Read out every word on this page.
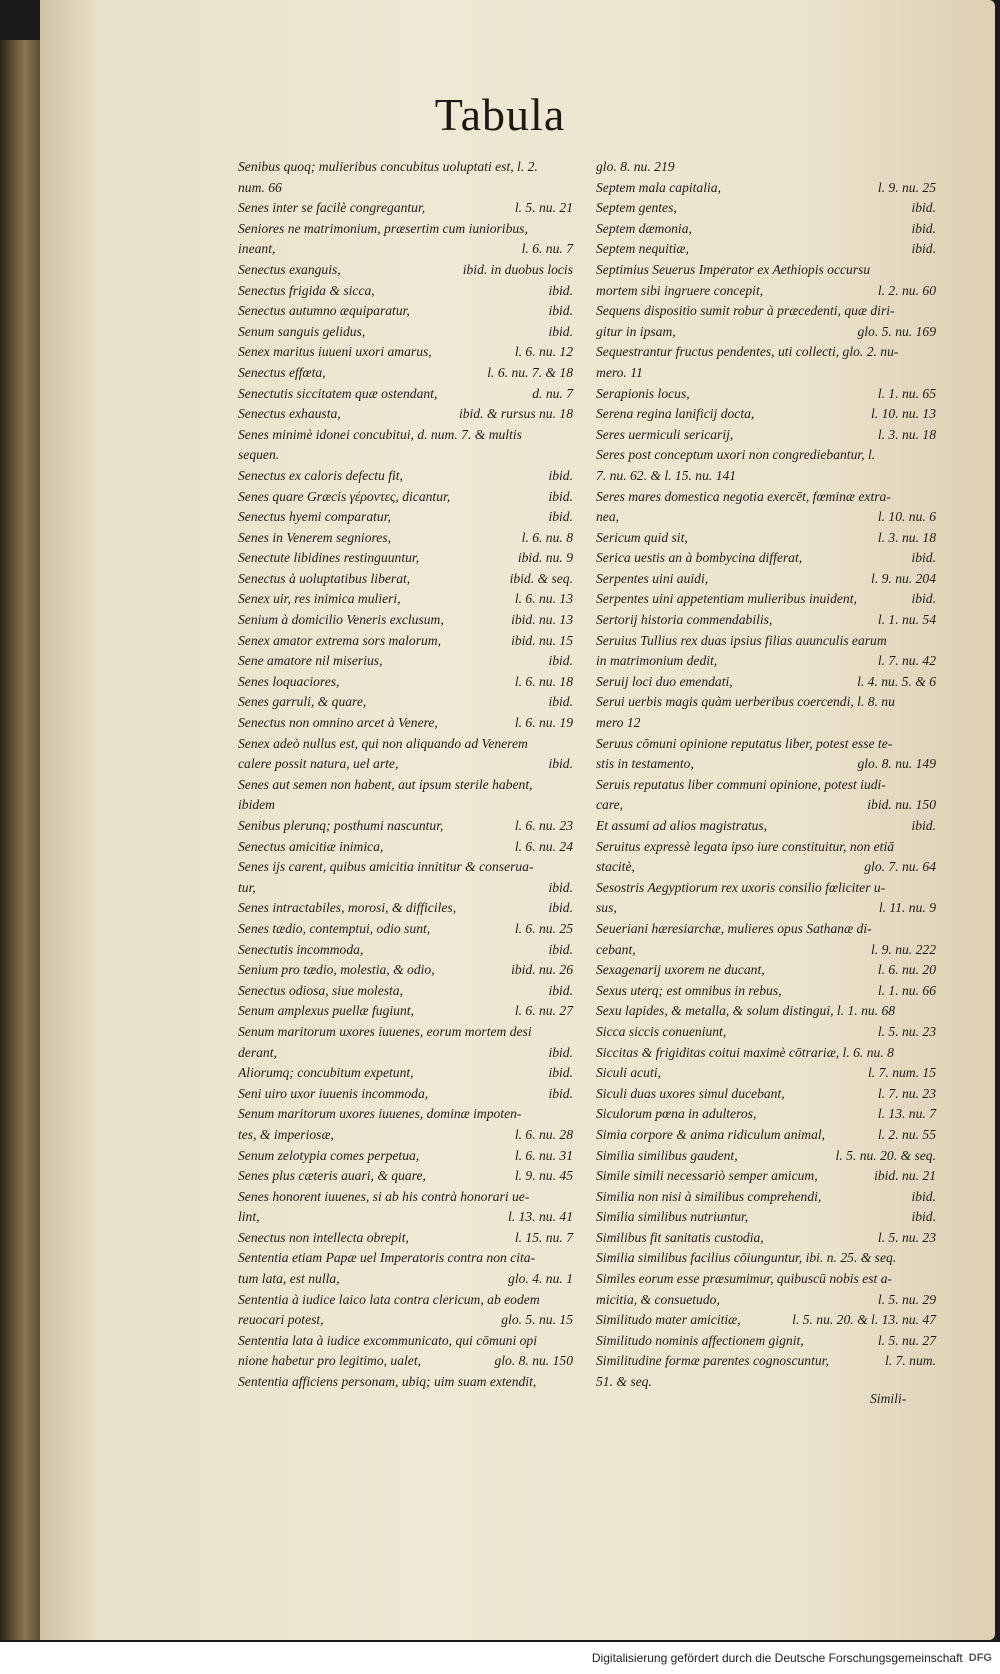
Tabula
Senibus quoq; mulieribus concubitus uoluptati est, l. 2.
num. 66
Senes inter se facilè congregantur,	l. 5. nu. 21
Seniores ne matrimonium, præsertim cum iunioribus,
ineant,	l. 6. nu. 7
Senectus exanguis,	ibid. in duobus locis
Senectus frigida & sicca,	ibid.
Senectus autumno æquiparatur,	ibid.
Senum sanguis gelidus,	ibid.
Senex maritus iuueni uxori amarus,	l. 6. nu. 12
Senectus effœta,	l. 6. nu. 7. & 18
Senectutis siccitatem quæ ostendant,	d. nu. 7
Senectus exhausta,	ibid. & rursus nu. 18
Senes minimè idonei concubitui, d. num. 7. & multis
sequen.
Senectus ex caloris defectu fit,	ibid.
Senes quare Græcis γέροντες, dicantur,	ibid.
Senectus hyemi comparatur,	ibid.
Senes in Venerem segniores,	l. 6. nu. 8
Senectute libidines restinguuntur,	ibid. nu. 9
Senectus à uoluptatibus liberat,	ibid. & seq.
Senex uir, res inimica mulieri,	l. 6. nu. 13
Senium à domicilio Veneris exclusum,	ibid. nu. 13
Senex amator extrema sors malorum,	ibid. nu. 15
Sene amatore nil miserius,	ibid.
Senes loquaciores,	l. 6. nu. 18
Senes garruli, & quare,	ibid.
Senectus non omnino arcet à Venere,	l. 6. nu. 19
Senex adeò nullus est, qui non aliquando ad Venerem
calere possit natura, uel arte,	ibid.
Senes aut semen non habent, aut ipsum sterile habent,
ibidem
Senibus plerunq; posthumi nascuntur,	l. 6. nu. 23
Senectus amicitiæ inimica,	l. 6. nu. 24
Senes ijs carent, quibus amicitia innititur & conserua-
tur,	ibid.
Senes intractabiles, morosi, & difficiles,	ibid.
Senes tædio, contemptui, odio sunt,	l. 6. nu. 25
Senectutis incommoda,	ibid.
Senium pro tædio, molestia, & odio,	ibid. nu. 26
Senectus odiosa, siue molesta,	ibid.
Senum amplexus puellæ fugiunt,	l. 6. nu. 27
Senum maritorum uxores iuuenes, eorum mortem desi
derant,	ibid.
Aliorumq; concubitum expetunt,	ibid.
Seni uiro uxor iuuenis incommoda,	ibid.
Senum maritorum uxores iuuenes, dominæ impoten-
tes, & imperiosæ,	l. 6. nu. 28
Senum zelotypia comes perpetua,	l. 6. nu. 31
Senes plus cæteris auari, & quare,	l. 9. nu. 45
Senes honorent iuuenes, si ab his contrà honorari ue-
lint,	l. 13. nu. 41
Senectus non intellecta obrepit,	l. 15. nu. 7
Sententia etiam Papæ uel Imperatoris contra non cita-
tum lata, est nulla,	glo. 4. nu. 1
Sententia à iudice laico lata contra clericum, ab eodem
reuocari potest,	glo. 5. nu. 15
Sententia lata à iudice excommunicato, qui cōmuni opi
nione habetur pro legitimo, ualet,	glo. 8. nu. 150
Sententia afficiens personam, ubiq; uim suam extendit,
glo. 8. nu. 219
Septem mala capitalia,	l. 9. nu. 25
Septem gentes,	ibid.
Septem dæmonia,	ibid.
Septem nequitiæ,	ibid.
Septimius Seuerus Imperator ex Aethiopis occursu
mortem sibi ingruere concepit,	l. 2. nu. 60
Sequens dispositio sumit robur à præcedenti, quæ diri-
gitur in ipsam,	glo. 5. nu. 169
Sequestrantur fructus pendentes, uti collecti, glo. 2. nu-
mero. 11
Serapionis locus,	l. 1. nu. 65
Serena regina lanificij docta,	l. 10. nu. 13
Seres uermiculi sericarij,	l. 3. nu. 18
Seres post conceptum uxori non congrediebantur, l.
7. nu. 62. & l. 15. nu. 141
Seres mares domestica negotia exercēt, fœminæ extra-
nea,	l. 10. nu. 6
Sericum quid sit,	l. 3. nu. 18
Serica uestis an à bombycina differat,	ibid.
Serpentes uini auidi,	l. 9. nu. 204
Serpentes uini appetentiam mulieribus inuident,	ibid.
Sertorij historia commendabilis,	l. 1. nu. 54
Seruius Tullius rex duas ipsius filias auunculis earum
in matrimonium dedit,	l. 7. nu. 42
Seruij loci duo emendati,	l. 4. nu. 5. & 6
Serui uerbis magis quàm uerberibus coercendi, l. 8. nu
mero 12
Seruus cōmuni opinione reputatus liber, potest esse te-
stis in testamento,	glo. 8. nu. 149
Seruis reputatus liber communi opinione, potest iudi-
care,	ibid. nu. 150
Et assumi ad alios magistratus,	ibid.
Seruitus expressè legata ipso iure constituitur, non etiā
stacitè,	glo. 7. nu. 64
Sesostris Aegyptiorum rex uxoris consilio fœliciter u-
sus,	l. 11. nu. 9
Seueriani hæresiarchæ, mulieres opus Sathanæ di-
cebant,	l. 9. nu. 222
Sexagenarij uxorem ne ducant,	l. 6. nu. 20
Sexus uterq; est omnibus in rebus,	l. 1. nu. 66
Sexu lapides, & metalla, & solum distingui, l. 1. nu. 68
Sicca siccis conueniunt,	l. 5. nu. 23
Siccitas & frigiditas coitui maximè cōtrariæ, l. 6. nu. 8
Siculi acuti,	l. 7. num. 15
Siculi duas uxores simul ducebant,	l. 7. nu. 23
Siculorum pœna in adulteros,	l. 13. nu. 7
Simia corpore & anima ridiculum animal,	l. 2. nu. 55
Similia similibus gaudent,	l. 5. nu. 20. & seq.
Simile simili necessariò semper amicum,	ibid. nu. 21
Similia non nisi à similibus comprehendi,	ibid.
Similia similibus nutriuntur,	ibid.
Similibus fit sanitatis custodia,	l. 5. nu. 23
Similia similibus facilius cōiunguntur, ibi. n. 25. & seq.
Similes eorum esse præsumimur, quibuscū nobis est a-
micitia, & consuetudo,	l. 5. nu. 29
Similitudo mater amicitiæ,	l. 5. nu. 20. & l. 13. nu. 47
Similitudo nominis affectionem gignit,	l. 5. nu. 27
Similitudine formæ parentes cognoscuntur,	l. 7. num.
51. & seq.
Simili-
Digitalisierung gefördert durch die Deutsche Forschungsgemeinschaft DFG
